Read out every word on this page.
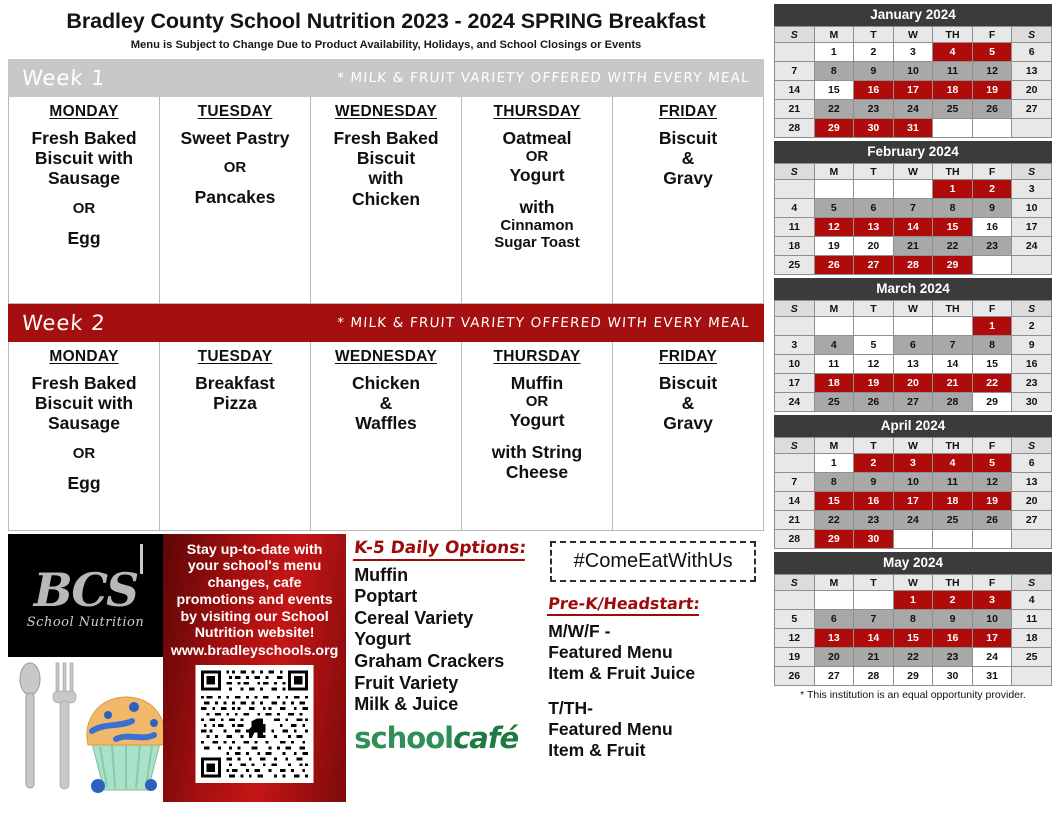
Bradley County School Nutrition 2023 - 2024 SPRING Breakfast
Menu is Subject to Change Due to Product Availability, Holidays, and School Closings or Events
Week 1	* MILK & FRUIT VARIETY OFFERED WITH EVERY MEAL
MONDAY
Fresh Baked
Biscuit with
Sausage
OR
Egg

TUESDAY
Sweet Pastry
OR
Pancakes

WEDNESDAY
Fresh Baked
Biscuit
with
Chicken

THURSDAY
Oatmeal
OR
Yogurt
with
Cinnamon
Sugar Toast

FRIDAY
Biscuit
&
Gravy
Week 2	* MILK & FRUIT VARIETY OFFERED WITH EVERY MEAL
MONDAY
Fresh Baked
Biscuit with
Sausage
OR
Egg

TUESDAY
Breakfast
Pizza

WEDNESDAY
Chicken
&
Waffles

THURSDAY
Muffin
OR
Yogurt
with String
Cheese

FRIDAY
Biscuit
&
Gravy
BCS
School Nutrition
Stay up-to-date with
your school's menu
changes, cafe
promotions and events
by visiting our School
Nutrition website!
www.bradleyschools.org
K-5 Daily Options:
Muffin
Poptart
Cereal Variety
Yogurt
Graham Crackers
Fruit Variety
Milk & Juice
schoolcafé
#ComeEatWithUs
Pre-K/Headstart:
M/W/F -
Featured Menu
Item & Fruit Juice
T/TH-
Featured Menu
Item & Fruit
January 2024
S	M	T	W	TH	F	S
	1	2	3	4	5	6
7	8	9	10	11	12	13
14	15	16	17	18	19	20
21	22	23	24	25	26	27
28	29	30	31			
February 2024
S	M	T	W	TH	F	S
				1	2	3
4	5	6	7	8	9	10
11	12	13	14	15	16	17
18	19	20	21	22	23	24
25	26	27	28	29		
March 2024
S	M	T	W	TH	F	S
					1	2
3	4	5	6	7	8	9
10	11	12	13	14	15	16
17	18	19	20	21	22	23
24	25	26	27	28	29	30
April 2024
S	M	T	W	TH	F	S
	1	2	3	4	5	6
7	8	9	10	11	12	13
14	15	16	17	18	19	20
21	22	23	24	25	26	27
28	29	30				
May 2024
S	M	T	W	TH	F	S
			1	2	3	4
5	6	7	8	9	10	11
12	13	14	15	16	17	18
19	20	21	22	23	24	25
26	27	28	29	30	31	
* This institution is an equal opportunity provider.
